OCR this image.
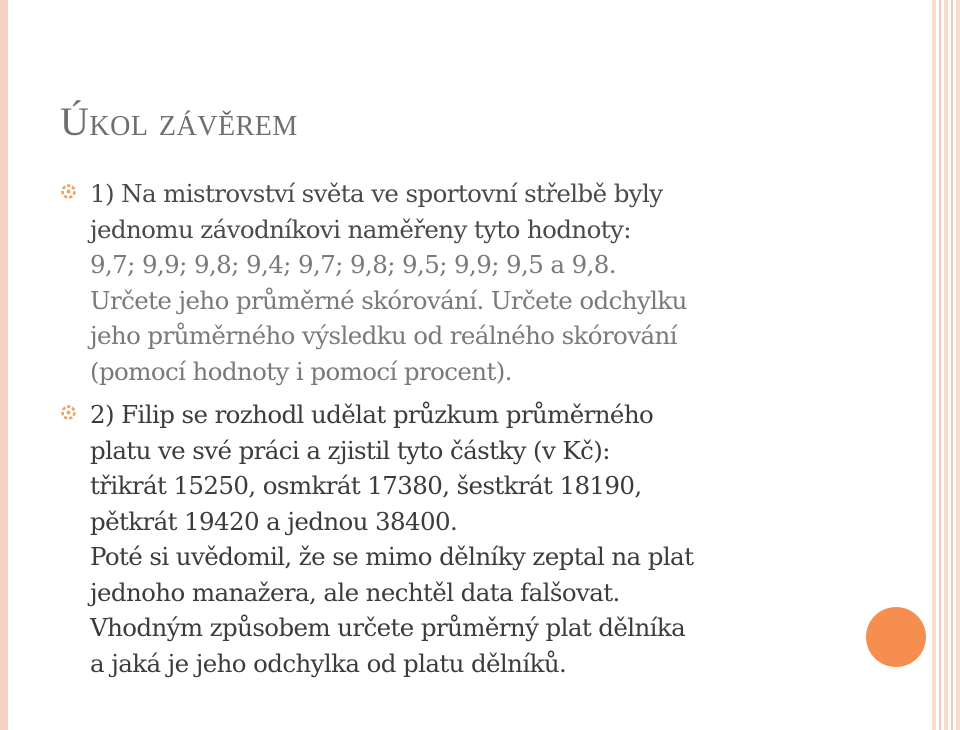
Úkol závěrem
1) Na mistrovství světa ve sportovní střelbě byly
jednomu závodníkovi naměřeny tyto hodnoty:
9,7; 9,9; 9,8; 9,4; 9,7; 9,8; 9,5; 9,9; 9,5 a 9,8.
Určete jeho průměrné skórování. Určete odchylku
jeho průměrného výsledku od reálného skórování
(pomocí hodnoty i pomocí procent).
2) Filip se rozhodl udělat průzkum průměrného
platu ve své práci a zjistil tyto částky (v Kč):
třikrát 15250, osmkrát 17380, šestkrát 18190,
pětkrát 19420 a jednou 38400.
Poté si uvědomil, že se mimo dělníky zeptal na plat
jednoho manažera, ale nechtěl data falšovat.
Vhodným způsobem určete průměrný plat dělníka
a jaká je jeho odchylka od platu dělníků.
